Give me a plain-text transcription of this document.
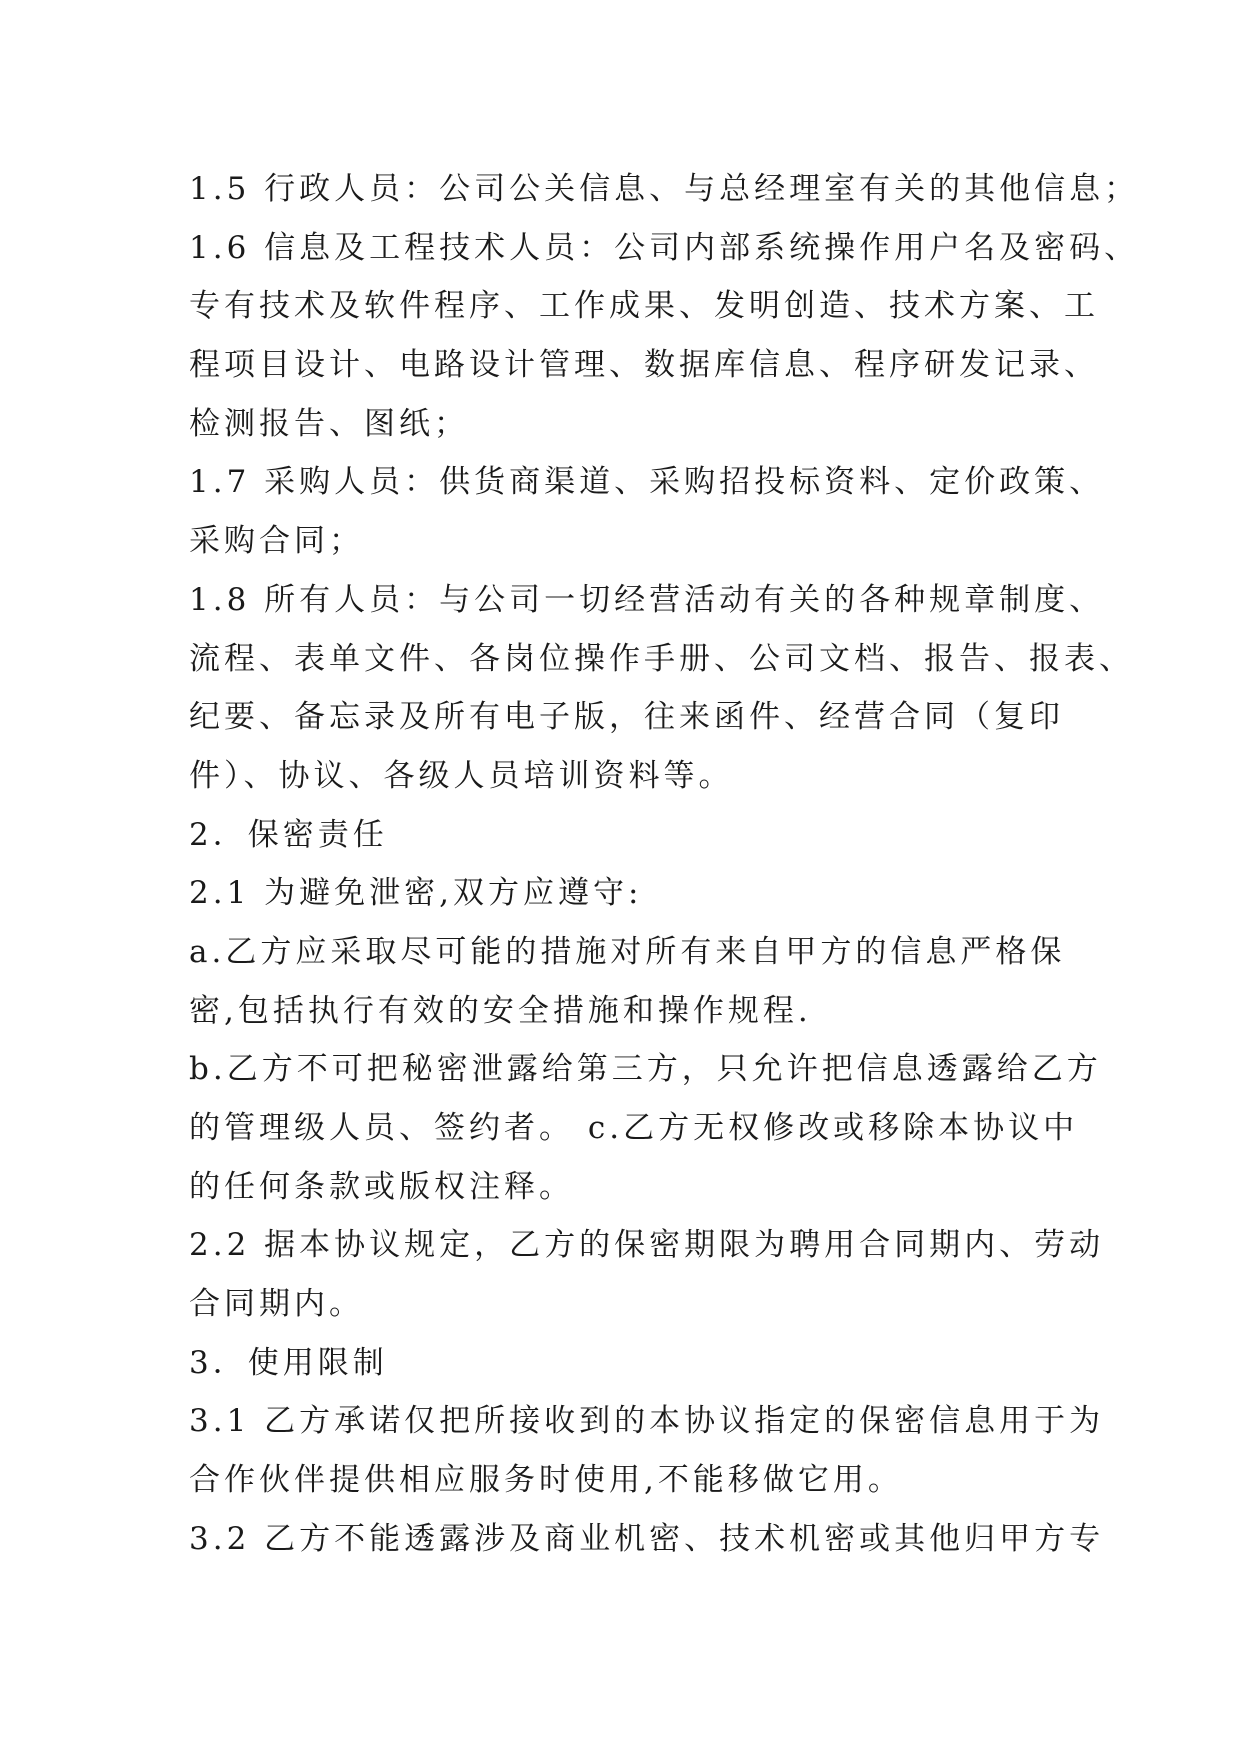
1.5 行政人员：公司公关信息、与总经理室有关的其他信息；
1.6 信息及工程技术人员：公司内部系统操作用户名及密码、
专有技术及软件程序、工作成果、发明创造、技术方案、工
程项目设计、电路设计管理、数据库信息、程序研发记录、
检测报告、图纸；
1.7 采购人员：供货商渠道、采购招投标资料、定价政策、
采购合同；
1.8 所有人员：与公司一切经营活动有关的各种规章制度、
流程、表单文件、各岗位操作手册、公司文档、报告、报表、
纪要、备忘录及所有电子版，往来函件、经营合同（复印
件）、协议、各级人员培训资料等。
2．保密责任
2.1 为避免泄密,双方应遵守:
a.乙方应采取尽可能的措施对所有来自甲方的信息严格保
密,包括执行有效的安全措施和操作规程.
b.乙方不可把秘密泄露给第三方，只允许把信息透露给乙方
的管理级人员、签约者。 c.乙方无权修改或移除本协议中
的任何条款或版权注释。
2.2 据本协议规定，乙方的保密期限为聘用合同期内、劳动
合同期内。
3．使用限制
3.1 乙方承诺仅把所接收到的本协议指定的保密信息用于为
合作伙伴提供相应服务时使用,不能移做它用。
3.2 乙方不能透露涉及商业机密、技术机密或其他归甲方专
